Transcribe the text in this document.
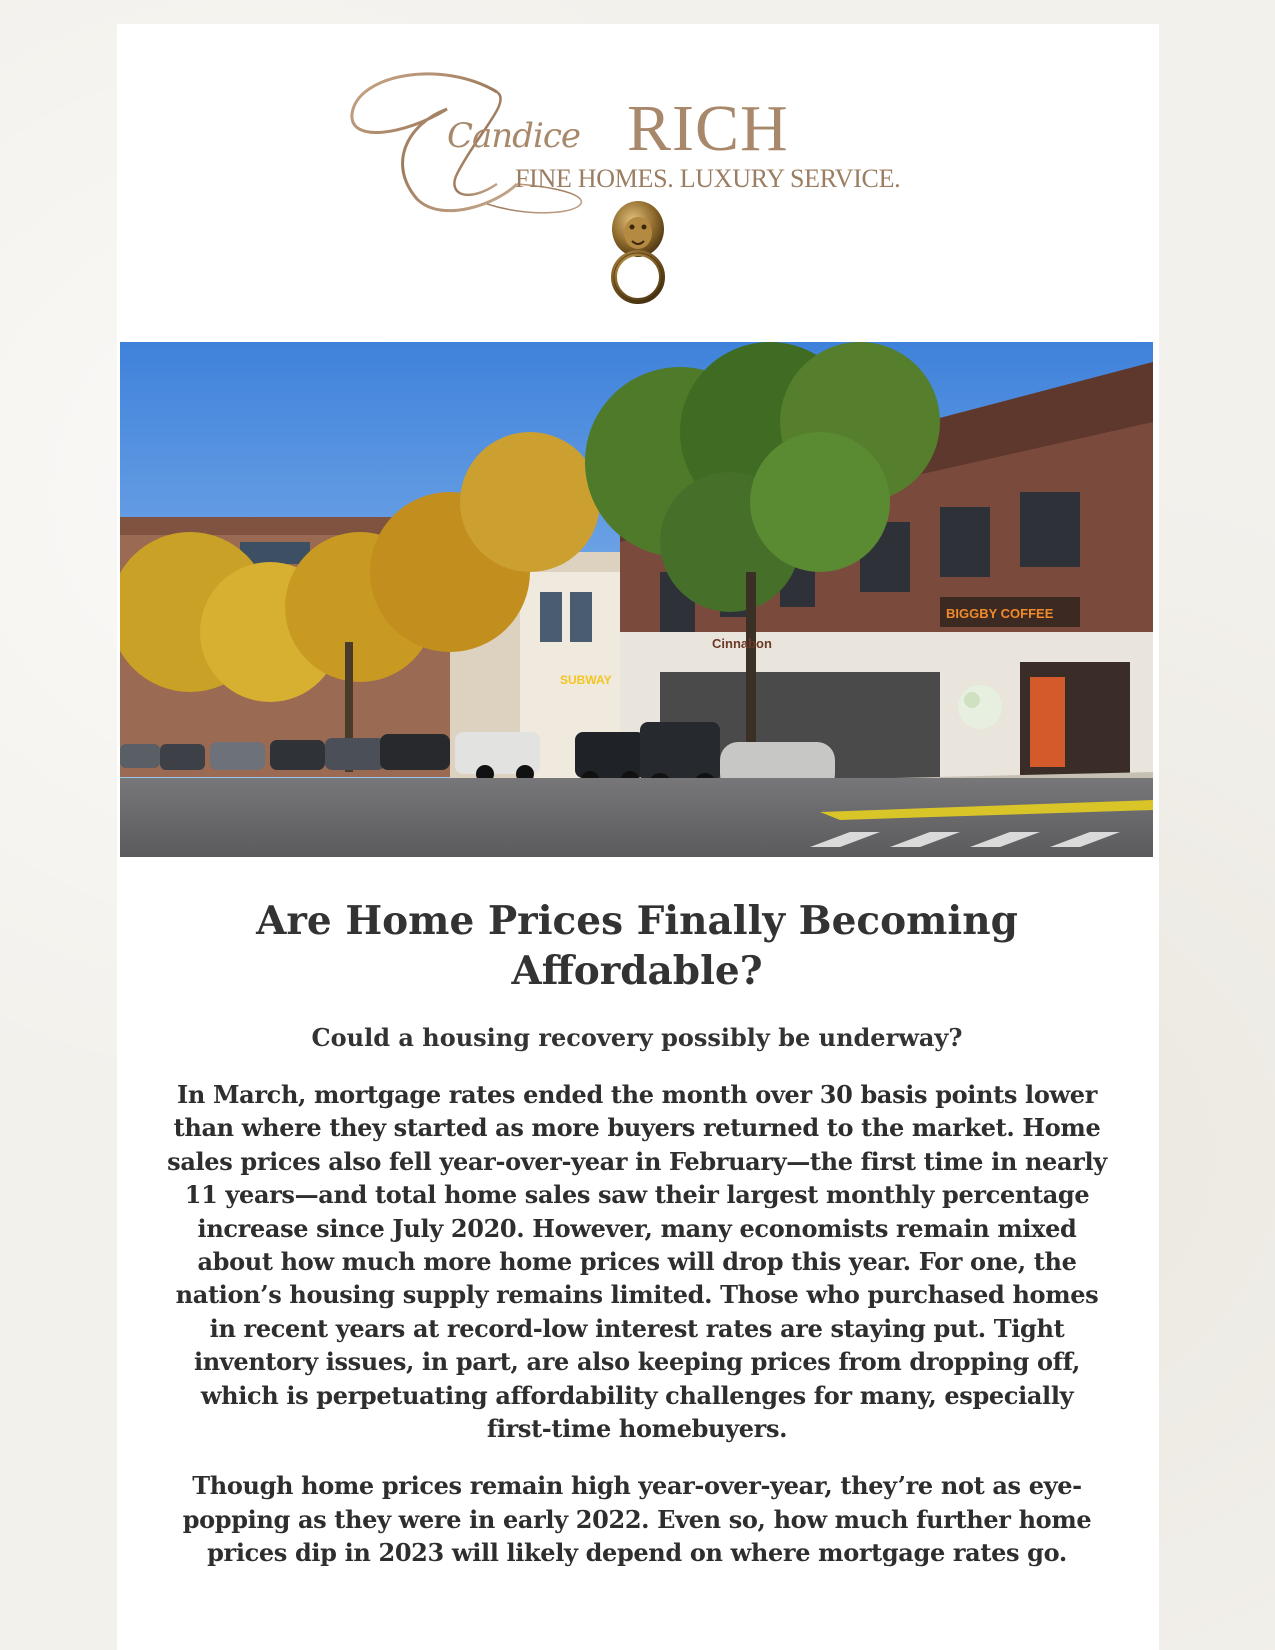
Candice RICH
FINE HOMES. LUXURY SERVICE.
Cinnabon
SUBWAY
BIGGBY COFFEE
Are Home Prices Finally Becoming Affordable?

Could a housing recovery possibly be underway?

In March, mortgage rates ended the month over 30 basis points lower than where they started as more buyers returned to the market. Home sales prices also fell year-over-year in February—the first time in nearly 11 years—and total home sales saw their largest monthly percentage increase since July 2020. However, many economists remain mixed about how much more home prices will drop this year. For one, the nation’s housing supply remains limited. Those who purchased homes in recent years at record-low interest rates are staying put. Tight inventory issues, in part, are also keeping prices from dropping off, which is perpetuating affordability challenges for many, especially first-time homebuyers.

Though home prices remain high year-over-year, they’re not as eye-popping as they were in early 2022. Even so, how much further home prices dip in 2023 will likely depend on where mortgage rates go.
